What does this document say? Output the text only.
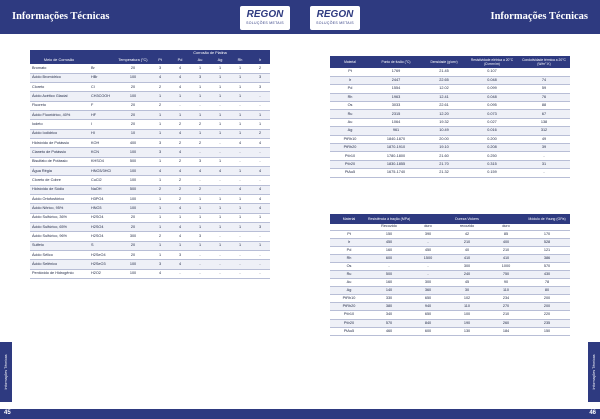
Informações Técnicas	REGON
SOLUÇÕES METAIS
			Corrosão de Platina					
Meio de Corrosão		Temperatura (°C)	Pt	Pd	Au	Ag	Rh	Ir
Bromato	Br	20	3	4	1	1	1	2
Ácido Bromídrico	HBr	100	4	4	3	1	1	3
Cloreto	Cl	20	2	4	1	1	1	3
Ácido Acético Glacial	CH3COOH	100	1	1	1	1	1	-
Fluoreto	F	20	2	-	-	-	-	-
Ácido Fluorídrico, 40%	HF	20	1	1	1	1	1	1
Iodeto	I	20	1	2	2	1	1	1
Ácido Iodídrico	HI	10	1	4	1	1	1	2
Hidróxido de Potássio	KOH	400	3	2	2	-	4	4
Cianeto de Potássio	KCN	100	3	4	-	-	-	-
Bisulfato de Potássio	KHSO4	500	1	2	3	1	-	-
Água Régia	HNO3/3HCl	100	4	4	4	4	1	4
Cloreto de Cobre	CuCl2	100	1	2	-	-	-	-
Hidróxido de Sódio	NaOH	500	2	2	2	-	4	4
Ácido Ortofosfórico	H3PO4	100	1	2	1	1	1	4
Ácido Nítrico, 95%	HNO3	100	1	4	1	1	1	4
Ácido Sulfúrico, 36%	H2SO4	20	1	1	1	1	1	1
Ácido Sulfúrico, 65%	H2SO4	20	1	4	1	1	1	3
Ácido Sulfúrico, 96%	H2SO4	300	2	4	3	-	-	-
Sulfeto	S	20	1	1	1	1	1	1
Ácido Sélico	H2SeO4	20	1	3	-	-	-	-
Ácido Selênico	H2SeO3	100	3	4	-	-	-	-
Pentóxido de Hidrogênio	H2O2	100	4	-	-	-	-	-
Informações Técnicas
45
REGON
SOLUÇÕES METAIS
Informações Técnicas
Material	Ponto de fusão (°C)	Densidade (g/cm³)	Resistividade elétrica a 20°C (Ω.mm²/m)	Condutividade térmica a 20°C (W/m°.K)
Pt	1769	21.45	0.107	
Ir	2447	22.65	0.048	74
Pd	1554	12.02	0.099	59
Rh	1963	12.41	0.048	76
Os	3033	22.61	0.095	88
Ru	2315	12.20	0.073	67
Au	1064	19.32	0.027	138
Ag	961	10.49	0.016	312
PtRh10	1840-1870	20.00	0.200	49
PtRh20	1870-1910	19.10	0.208	39
PtIr10	1780-1800	21.60	0.250	-
PtIr20	1830-1855	21.70	0.315	31
PtAu5	1675-1740	21.32	0.159	-
Material	Resistência à tração (MPa)		Dureza Vickers		Módulo de Young (GPa)
	Recozido	duro	recozido	duro	
Pt	150	390	42	85	170
Ir	450	-	210	400	528
Pd	160	450	40	210	121
Rh	600	1500	410	410	386
Os	-	-	300	1000	570
Ru	500	-	240	750	430
Au	160	300	45	90	78
Ag	140	360	30	110	80
PtRh10	330	650	102	234	200
PtRh20	380	940	110	270	200
PtIr10	340	650	100	210	220
PtIr20	570	840	190	260	235
PtAu5	460	600	130	184	150
Informações Técnicas
46
